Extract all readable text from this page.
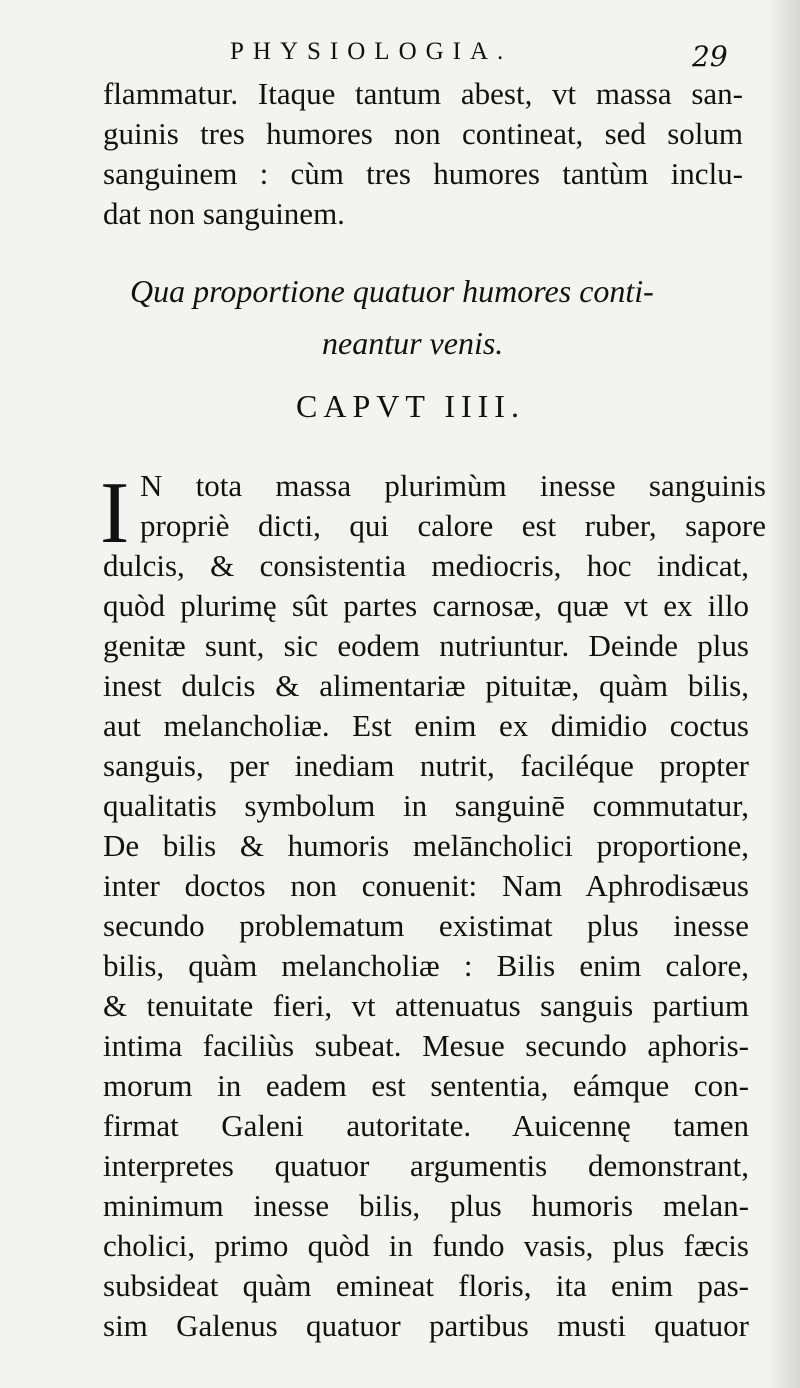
PHYSIOLOGIA.	29
flammatur. Itaque tantum abest, vt massa san-
guinis tres humores non contineat, sed solum
sanguinem : cùm tres humores tantùm inclu-
dat non sanguinem.
Qua proportione quatuor humores conti-
neantur venis.
CAPVT IIII.
I N tota massa plurimùm inesse sanguinis
propriè dicti, qui calore est ruber, sapore
dulcis, & consistentia mediocris, hoc indicat,
quòd plurimę sût partes carnosæ, quæ vt ex illo
genitæ sunt, sic eodem nutriuntur. Deinde plus
inest dulcis & alimentariæ pituitæ, quàm bilis,
aut melancholiæ. Est enim ex dimidio coctus
sanguis, per inediam nutrit, faciléque propter
qualitatis symbolum in sanguinē commutatur,
De bilis & humoris melāncholici proportione,
inter doctos non conuenit: Nam Aphrodisæus
secundo problematum existimat plus inesse
bilis, quàm melancholiæ : Bilis enim calore,
& tenuitate fieri, vt attenuatus sanguis partium
intima faciliùs subeat. Mesue secundo aphoris-
morum in eadem est sententia, eámque con-
firmat Galeni autoritate. Auicennę tamen
interpretes quatuor argumentis demonstrant,
minimum inesse bilis, plus humoris melan-
cholici, primo quòd in fundo vasis, plus fæcis
subsideat quàm emineat floris, ita enim pas-
sim Galenus quatuor partibus musti quatuor
